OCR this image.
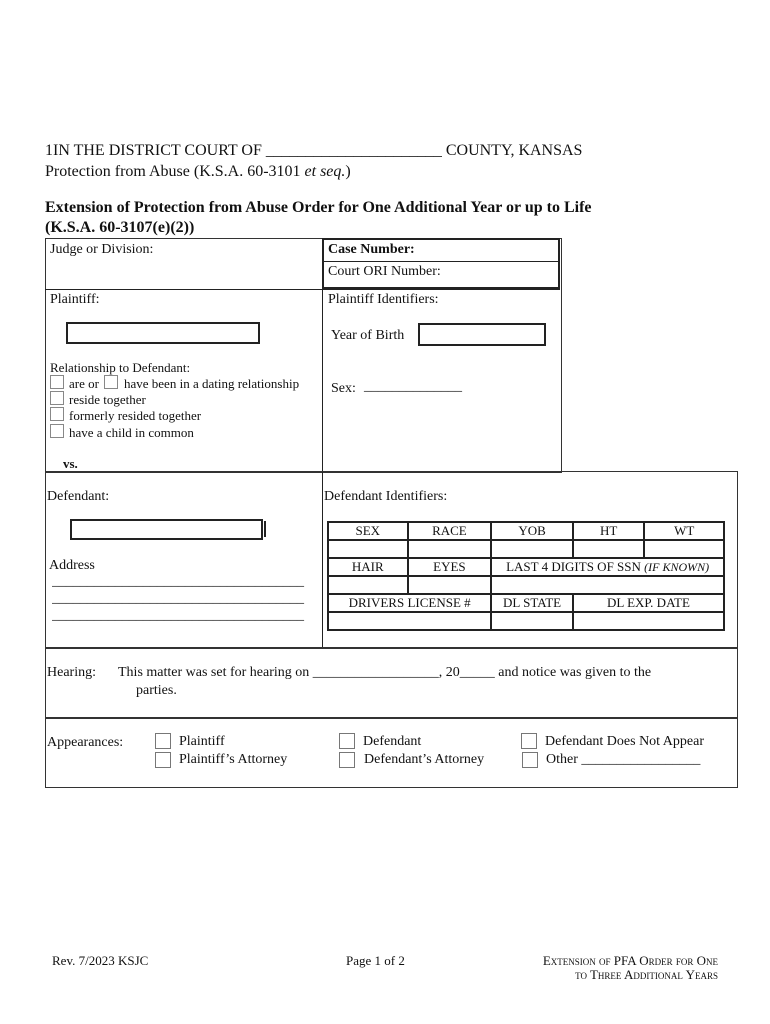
1IN THE DISTRICT COURT OF ______________________ COUNTY, KANSAS
Protection from Abuse (K.S.A. 60-3101 et seq.)
Extension of Protection from Abuse Order for One Additional Year or up to Life
(K.S.A. 60-3107(e)(2))
Judge or Division:	Case Number:
Court ORI Number:
Plaintiff:	Plaintiff Identifiers:
Year of Birth
Sex: ______________
Relationship to Defendant:
are or have been in a dating relationship
reside together
formerly resided together
have a child in common
vs.
Defendant:
Address
____________________________________
____________________________________
____________________________________
Defendant Identifiers:
SEX	RACE	YOB	HT	WT

HAIR	EYES	LAST 4 DIGITS OF SSN (IF KNOWN)		

DRIVERS LICENSE #		DL STATE	DL EXP. DATE	

Hearing: This matter was set for hearing on __________________, 20_____ and notice was given to the
parties.
Appearances:	Plaintiff
Plaintiff’s Attorney
Defendant
Defendant’s Attorney
Defendant Does Not Appear
Other _________________
Rev. 7/2023 KSJC	Page 1 of 2	Extension of PFA Order for One
to Three Additional Years
